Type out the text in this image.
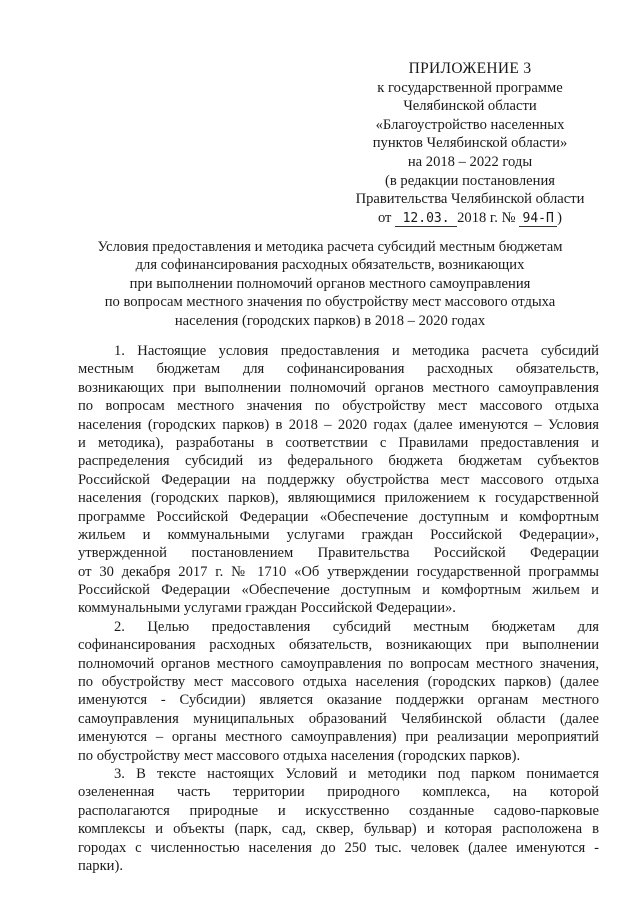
ПРИЛОЖЕНИЕ 3
к государственной программе
Челябинской области
«Благоустройство населенных
пунктов Челябинской области»
на 2018 – 2022 годы
(в редакции постановления
Правительства Челябинской области
от 12.03. 2018 г. № 94-П )
Условия предоставления и методика расчета субсидий местным бюджетам
для софинансирования расходных обязательств, возникающих
при выполнении полномочий органов местного самоуправления
по вопросам местного значения по обустройству мест массового отдыха
населения (городских парков) в 2018 – 2020 годах
1. Настоящие условия предоставления и методика расчета субсидий
местным бюджетам для софинансирования расходных обязательств,
возникающих при выполнении полномочий органов местного самоуправления
по вопросам местного значения по обустройству мест массового отдыха
населения (городских парков) в 2018 – 2020 годах (далее именуются – Условия
и методика), разработаны в соответствии с Правилами предоставления и
распределения субсидий из федерального бюджета бюджетам субъектов
Российской Федерации на поддержку обустройства мест массового отдыха
населения (городских парков), являющимися приложением к государственной
программе Российской Федерации «Обеспечение доступным и комфортным
жильем и коммунальными услугами граждан Российской Федерации»,
утвержденной постановлением Правительства Российской Федерации
от 30 декабря 2017 г. № 1710 «Об утверждении государственной программы
Российской Федерации «Обеспечение доступным и комфортным жильем и
коммунальными услугами граждан Российской Федерации».
2. Целью предоставления субсидий местным бюджетам для
софинансирования расходных обязательств, возникающих при выполнении
полномочий органов местного самоуправления по вопросам местного значения,
по обустройству мест массового отдыха населения (городских парков) (далее
именуются - Субсидии) является оказание поддержки органам местного
самоуправления муниципальных образований Челябинской области (далее
именуются – органы местного самоуправления) при реализации мероприятий
по обустройству мест массового отдыха населения (городских парков).
3. В тексте настоящих Условий и методики под парком понимается
озелененная часть территории природного комплекса, на которой
располагаются природные и искусственно созданные садово-парковые
комплексы и объекты (парк, сад, сквер, бульвар) и которая расположена в
городах с численностью населения до 250 тыс. человек (далее именуются -
парки).
